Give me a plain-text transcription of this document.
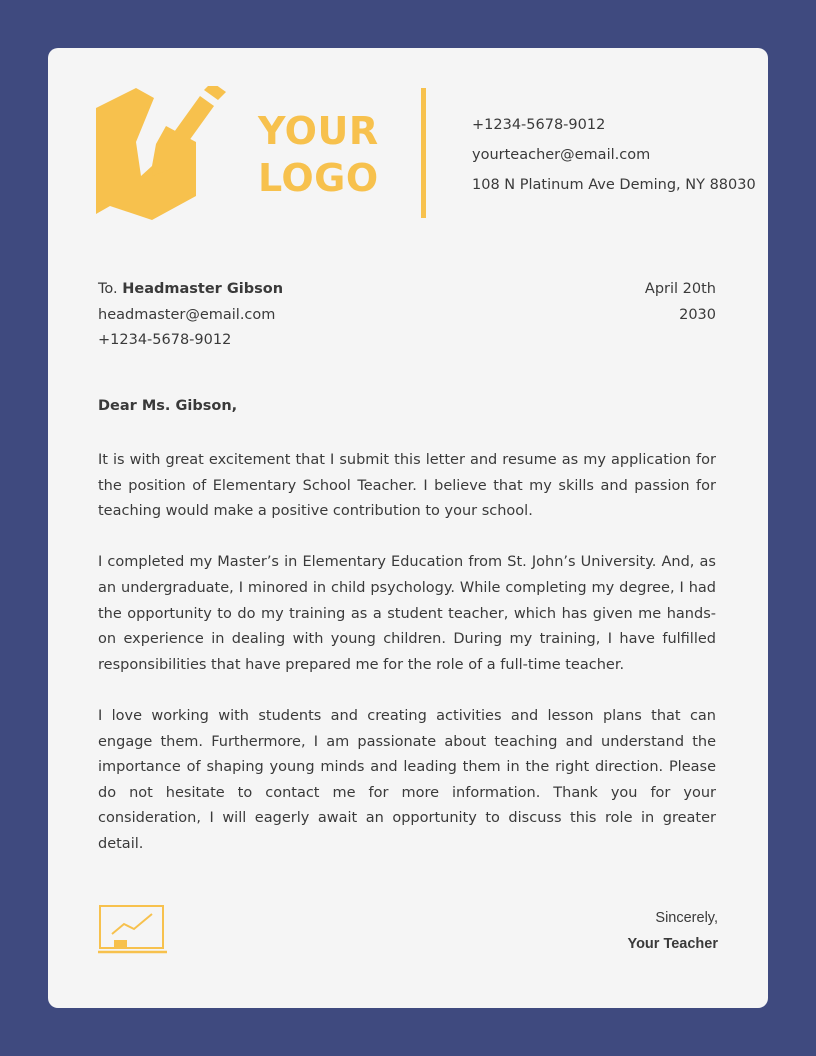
YOUR
LOGO
+1234-5678-9012
yourteacher@email.com
108 N Platinum Ave Deming, NY 88030
To. Headmaster Gibson
headmaster@email.com
+1234-5678-9012
April 20th
2030
Dear Ms. Gibson,

It is with great excitement that I submit this letter and resume as my application for the position of Elementary School Teacher. I believe that my skills and passion for teaching would make a positive contribution to your school.

I completed my Master’s in Elementary Education from St. John’s University. And, as an undergraduate, I minored in child psychology. While completing my degree, I had the opportunity to do my training as a student teacher, which has given me hands-on experience in dealing with young children. During my training, I have fulfilled responsibilities that have prepared me for the role of a full-time teacher.

I love working with students and creating activities and lesson plans that can engage them. Furthermore, I am passionate about teaching and understand the importance of shaping young minds and leading them in the right direction. Please do not hesitate to contact me for more information. Thank you for your consideration, I will eagerly await an opportunity to discuss this role in greater detail.

Sincerely,
Your Teacher
